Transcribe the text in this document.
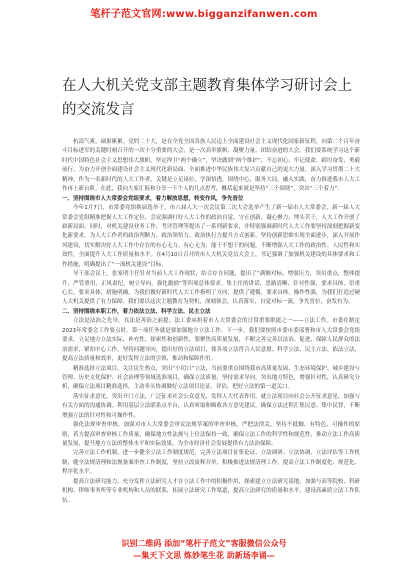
笔杆子范文官网:www.bigganzifanwen.com
在人大机关党支部主题教育集体学习研讨会上的交流发言

杭嵩气爽，硕果累累。党的二十大，是在全党全国各族人民迈上全面建设社会主义现代化国家新征程，向第二个百年奋斗目标进军的关键时刻召开的一次十分重要的大会，是一次高举旗帜、凝聚力量、团结奋进的大会。我们要系统学习这个新时代中国特色社会主义思想伟大旗帜，坚定捍卫“两个确立”，坚决做到“两个维护”，不忘初心、牢记使命，踔厉奋发，勇毅前行，为奋力开创全面建设社会主义现代化新局面、全面推进中华民族伟大复兴贡献自己的更大力量。深入学习贯彻二十大精神，作为一名新时代的人大工作者，关键是立足岗位，学深悟透，围绕中心，服务大局，融入实践，奋力推进我市人大工作再上新台阶。在此，我向大家汇报和分享一下个人的几点思考，概括起来就是坚持“三个围绕”，突出“三个着力”：

一、坚持围绕市人大常委会党组要求，着力解放思想，转变作风，争先晋位

今年1月7日，市常委党组换届选举于，市八届人大一次会议第三次大会选举产生了新一届市人大常委会，新一届人大常委会党组精准把握人大工作定位，会议强调打好人大工作的政治自觉、守正创新、凝心聚力，埋头苦干，人大工作开创了崭新局面，同时，对机关建设业务工作、考评管理等提出了一系列新要求，并特别强调新时代人大工作要坚持深刻把握新变化新要求，为人大工作者的政治判断力、政治领悟力、政治执行力提升方式创新，坚持创新思维实现全面进步，深入开展作风建设，切实解决好人大工作中存在的有心无力、有心无为、能干不想干的问题，不断增强人大工作的政治性、人民性和实效性，全面提升人大工作质量和水平。在4月10日召开的市人大机关党员大会上，书记强调了加强机关建设的具体要求和工作措施，明确提出了“一流机关建设”目标，

导干部会议上，张家明主任针对当前人大工作现状，结合存在问题，提出了“满额对标、增强压力，突出重点，整体提升，严管重用，正风肃纪，树立导向，强化激励”等四项总体要求。集主任的讲话，思路清晰、针对性强，要求具体、语重心长，要求具体，措施明确，为我们做好新时代人大工作指明了方向，提供了遵循，要求具体，操作性强，为我们打造过硬人大机关提供了有力保障。我们要以这次主题教育为契机，深刻领会，认真落实，自觉对标一流，争先晋位，奋发有为。

二、坚持围绕本职工作，着力依法立法、科学立法、民主立法

立法是法治之先导，良法是善治之前提。法工委承担着市人大常委会的日常重要职能之一——立法工作。市委在制定2023年常委会工作要点时，第一项任务就是要加强地方立法工作。下一步，我们要按照市委市委部署和市人大常委会党组要求，立足地方立法实际，补充性、探索性和创新性，要聚焦高质量发展，不断完善完善以法治、促进、保障人民群众的法治需求，紧扣中心工作，坚持问题导向，提出好的立法项目，使各项立法符合人民意愿、科学立法、民主立法、依法立法，提高立法质量和效率，更好发挥立法的引领、推动和保障作用。

精准选择立法项目。关注民生热点，突出“小切口”立法，当前要重点围绕我市高质量发展、生态环境保护、城乡建设与管理、历史文化保护、社会治理等领域选准项目，确保立法质量，坚持需求导向，突出地方特色，增强针对性，认真研究分析，确保立法项目精准选择，主动牵头协调做好立法项目论证、评估，把好立法的第一道关口。

落实征求意见。突出开门立法，广泛征求社会公众意见，发挥人大代表作用，就立法项目向社会公开征求意见、加强与有关方面的沟通协调。利用基层立法联系点平台，认真听取和吸收各方意见建议，确保立法过程汇集民意、集中民智，不断增强立法的针对性和可操作性。

强化法规审查审核。加强对市人大常委会审议法规草案的审查审核，严把法律关，坚持不抵触、有特色、可操作的原则，着力提高审查审核工作质量，确保地方性法规与上位法保持一致，确保立法工作的科学性和规范性，推动立法工作高质量发展，提升地方立法的整体水平和实际效果，为全市经济社会发展提供有力法治保障。

完善立法工作机制。进一步健全立法工作制度规范，完善立法项目征集论证、立法调研、立法协调、立法评估等工作机制，健全法规清理和法规备案审查工作制度，坚持立改废释并举，积极推进法规清理工作，提高立法工作制度化、规范化、程序化水平。

提高立法研究能力。充分发挥立法研究人才在立法工作中的积极作用，探索建立立法研究基地，加强与高等院校、科研机构、律师事务所等专业机构和人员的联系，拓展立法研究工作渠道，提高立法研究的质量和水平，建设高素质立法工作队伍。

识别二维码 添加“笔杆子范文”客服微信公众号
—集天下文思 炼妙笔生花 助新场李诵—
